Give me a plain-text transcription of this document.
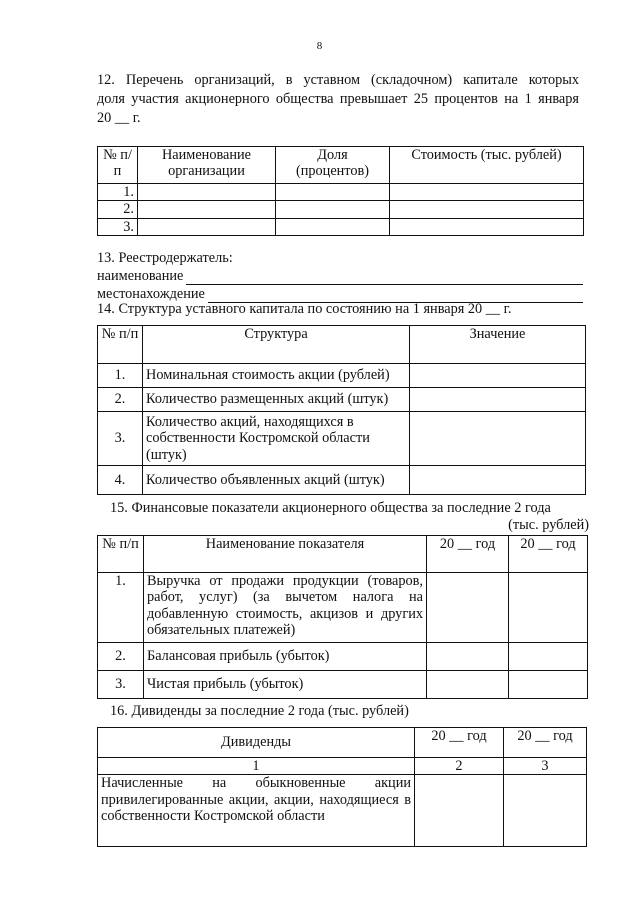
8
12. Перечень организаций, в уставном (складочном) капитале которых
доля участия акционерного общества превышает 25 процентов на 1 января
20 __ г.
№ п/п	Наименование организации	Доля (процентов)	Стоимость (тыс. рублей)
1.			
2.			
3.			
13. Реестродержатель:
наименование
местонахождение
14. Структура уставного капитала по состоянию на 1 января 20 __ г.
№ п/п	Структура	Значение
1.	Номинальная стоимость акции (рублей)	
2.	Количество размещенных акций (штук)	
3.	Количество акций, находящихся в собственности Костромской области (штук)	
4.	Количество объявленных акций (штук)	
15. Финансовые показатели акционерного общества за последние 2 года
(тыс. рублей)
№ п/п	Наименование показателя	20 __ год	20 __ год
1.	Выручка от продажи продукции (товаров, работ, услуг) (за вычетом налога на добавленную стоимость, акцизов и других обязательных платежей)		
2.	Балансовая прибыль (убыток)		
3.	Чистая прибыль (убыток)		
16. Дивиденды за последние 2 года (тыс. рублей)
Дивиденды	20 __ год	20 __ год
1	2	3
Начисленные на обыкновенные акции привилегированные акции, акции, находящиеся в собственности Костромской области		
